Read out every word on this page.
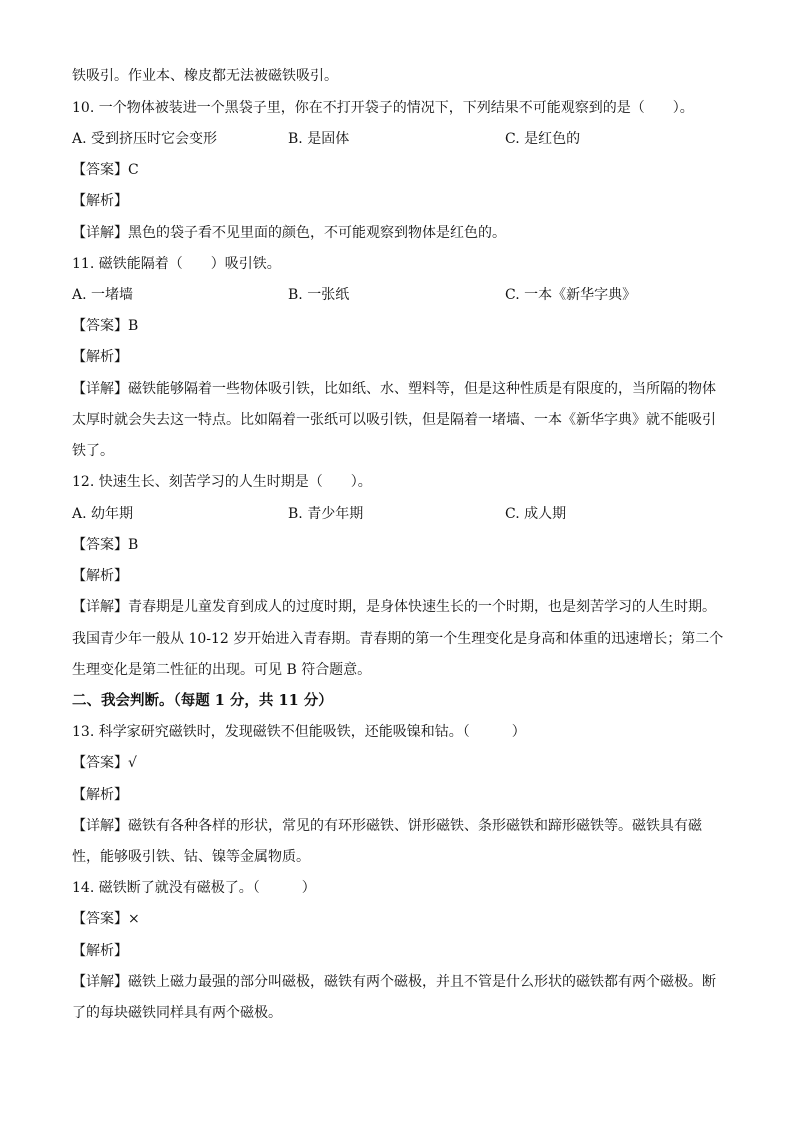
铁吸引。作业本、橡皮都无法被磁铁吸引。
10. 一个物体被装进一个黑袋子里，你在不打开袋子的情况下，下列结果不可能观察到的是（　　）。
A. 受到挤压时它会变形	B. 是固体	C. 是红色的
【答案】C
【解析】
【详解】黑色的袋子看不见里面的颜色，不可能观察到物体是红色的。
11. 磁铁能隔着（　　）吸引铁。
A. 一堵墙	B. 一张纸	C. 一本《新华字典》
【答案】B
【解析】
【详解】磁铁能够隔着一些物体吸引铁，比如纸、水、塑料等，但是这种性质是有限度的，当所隔的物体
太厚时就会失去这一特点。比如隔着一张纸可以吸引铁，但是隔着一堵墙、一本《新华字典》就不能吸引
铁了。
12. 快速生长、刻苦学习的人生时期是（　　）。
A. 幼年期	B. 青少年期	C. 成人期
【答案】B
【解析】
【详解】青春期是儿童发育到成人的过度时期，是身体快速生长的一个时期，也是刻苦学习的人生时期。
我国青少年一般从 10-12 岁开始进入青春期。青春期的第一个生理变化是身高和体重的迅速增长；第二个
生理变化是第二性征的出现。可见 B 符合题意。
二、我会判断。（每题 1 分，共 11 分）
13. 科学家研究磁铁时，发现磁铁不但能吸铁，还能吸镍和钴。（　　　）
【答案】√
【解析】
【详解】磁铁有各种各样的形状，常见的有环形磁铁、饼形磁铁、条形磁铁和蹄形磁铁等。磁铁具有磁
性，能够吸引铁、钴、镍等金属物质。
14. 磁铁断了就没有磁极了。（　　　）
【答案】×
【解析】
【详解】磁铁上磁力最强的部分叫磁极，磁铁有两个磁极，并且不管是什么形状的磁铁都有两个磁极。断
了的每块磁铁同样具有两个磁极。
